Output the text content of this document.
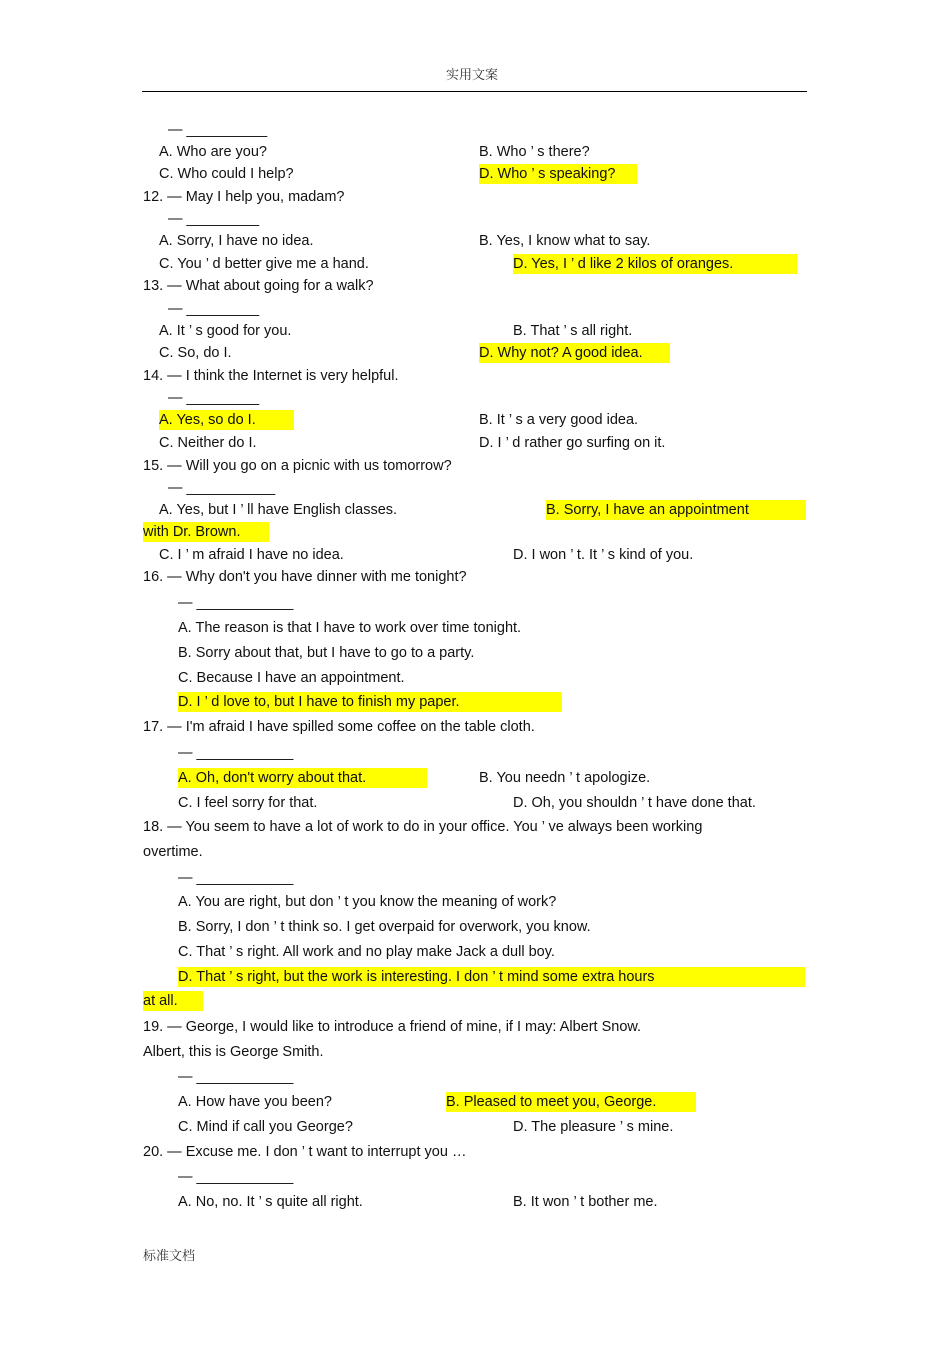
实用文案
— __________
A. Who are you?	B. Who ’ s there?
C. Who could I help?	D. Who ’ s speaking?
12. — May I help you, madam?
— _________
A. Sorry, I have no idea.	B. Yes, I know what to say.
C. You ’ d better give me a hand.	D. Yes, I ’ d like 2 kilos of oranges.
13. — What about going for a walk?
— _________
A. It ’ s good for you.	B. That ’ s all right.
C. So, do I.	D. Why not? A good idea.
14. — I think the Internet is very helpful.
— _________
A. Yes, so do I.	B. It ’ s a very good idea.
C. Neither do I.	D. I ’ d rather go surfing on it.
15. — Will you go on a picnic with us tomorrow?
— ___________
A. Yes, but I ’ ll have English classes.	B. Sorry, I have an appointment
with Dr. Brown.
C. I ’ m afraid I have no idea.	D. I won ’ t. It ’ s kind of you.
16. — Why don't you have dinner with me tonight?
— ____________
A. The reason is that I have to work over time tonight.
B. Sorry about that, but I have to go to a party.
C. Because I have an appointment.
D. I ’ d love to, but I have to finish my paper.
17. — I'm afraid I have spilled some coffee on the table cloth.
— ____________
A. Oh, don't worry about that.	B. You needn ’ t apologize.
C. I feel sorry for that.	D. Oh, you shouldn ’ t have done that.
18. — You seem to have a lot of work to do in your office. You ’ ve always been working
overtime.
— ____________
A. You are right, but don ’ t you know the meaning of work?
B. Sorry, I don ’ t think so. I get overpaid for overwork, you know.
C. That ’ s right. All work and no play make Jack a dull boy.
D. That ’ s right, but the work is interesting. I don ’ t mind some extra hours
at all.
19. — George, I would like to introduce a friend of mine, if I may: Albert Snow.
Albert, this is George Smith.
— ____________
A. How have you been?	B. Pleased to meet you, George.
C. Mind if call you George?	D. The pleasure ’ s mine.
20. — Excuse me. I don ’ t want to interrupt you …
— ____________
A. No, no. It ’ s quite all right.	B. It won ’ t bother me.
标准文档
